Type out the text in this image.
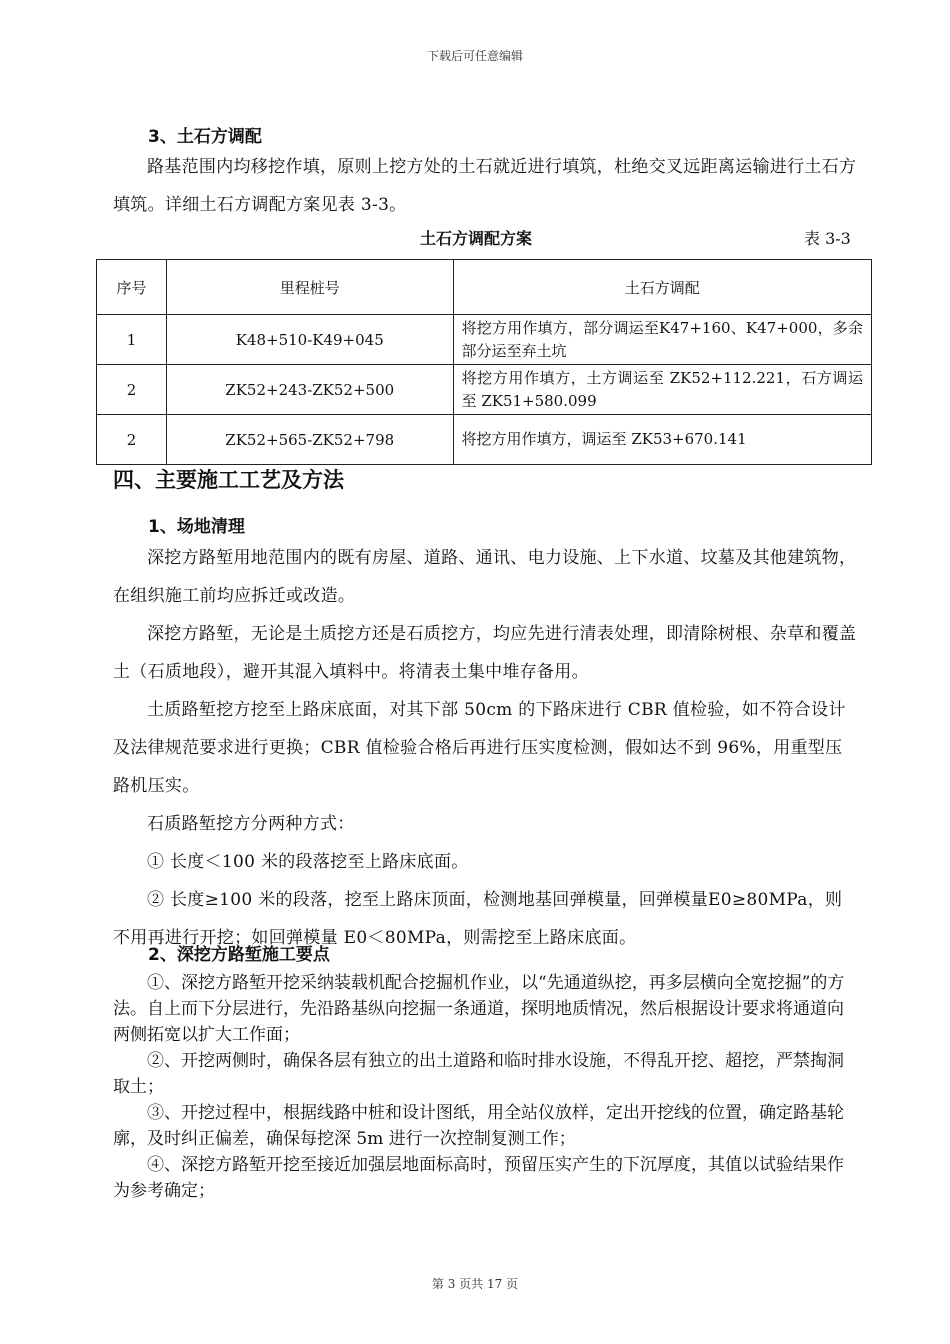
下载后可任意编辑
3、土石方调配

路基范围内均移挖作填，原则上挖方处的土石就近进行填筑，杜绝交叉远距离运输进行土石方填筑。详细土石方调配方案见表 3-3。

土石方调配方案	表 3-3
序号	里程桩号	土石方调配
1	K48+510-K49+045	将挖方用作填方，部分调运至K47+160、K47+000，多余部分运至弃土坑
2	ZK52+243-ZK52+500	将挖方用作填方，土方调运至 ZK52+112.221，石方调运至 ZK51+580.099
2	ZK52+565-ZK52+798	将挖方用作填方，调运至 ZK53+670.141
四、主要施工工艺及方法
1、场地清理

深挖方路堑用地范围内的既有房屋、道路、通讯、电力设施、上下水道、坟墓及其他建筑物，在组织施工前均应拆迁或改造。

深挖方路堑，无论是土质挖方还是石质挖方，均应先进行清表处理，即清除树根、杂草和覆盖土（石质地段），避开其混入填料中。将清表土集中堆存备用。

土质路堑挖方挖至上路床底面，对其下部 50cm 的下路床进行 CBR 值检验，如不符合设计及法律规范要求进行更换；CBR 值检验合格后再进行压实度检测，假如达不到 96%，用重型压路机压实。

石质路堑挖方分两种方式：

① 长度＜100 米的段落挖至上路床底面。

② 长度≥100 米的段落，挖至上路床顶面，检测地基回弹模量，回弹模量E0≥80MPa，则不用再进行开挖；如回弹模量 E0＜80MPa，则需挖至上路床底面。

2、深挖方路堑施工要点

①、深挖方路堑开挖采纳装载机配合挖掘机作业，以“先通道纵挖，再多层横向全宽挖掘”的方法。自上而下分层进行，先沿路基纵向挖掘一条通道，探明地质情况，然后根据设计要求将通道向两侧拓宽以扩大工作面；

②、开挖两侧时，确保各层有独立的出土道路和临时排水设施，不得乱开挖、超挖，严禁掏洞取土；

③、开挖过程中，根据线路中桩和设计图纸，用全站仪放样，定出开挖线的位置，确定路基轮廓，及时纠正偏差，确保每挖深 5m 进行一次控制复测工作；

④、深挖方路堑开挖至接近加强层地面标高时，预留压实产生的下沉厚度，其值以试验结果作为参考确定；

第 3 页共 17 页
